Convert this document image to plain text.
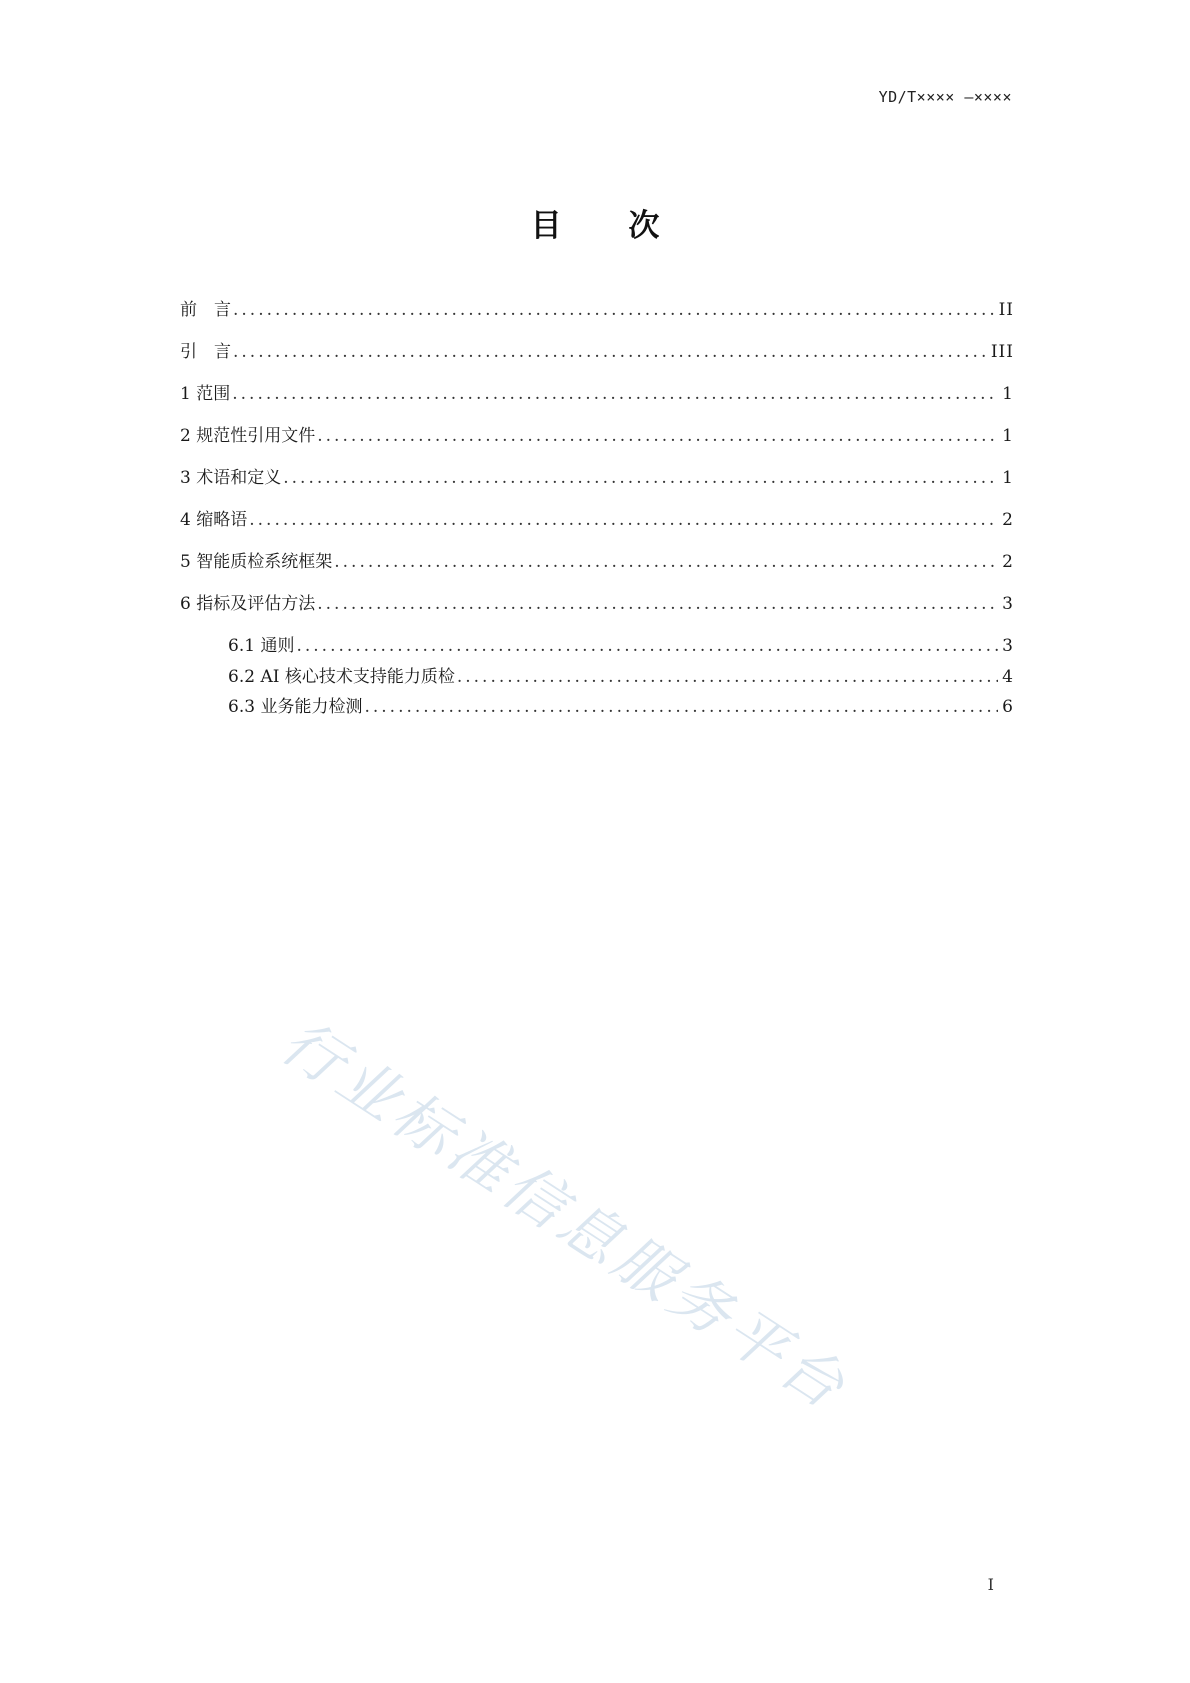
YD/T×××× —××××
目 次
前　言 .....	II
引　言 .....	III
1 范围 .....	1
2 规范性引用文件 .....	1
3 术语和定义 .....	1
4 缩略语 .....	2
5 智能质检系统框架 .....	2
6 指标及评估方法 .....	3
6.1 通则 .....	3
6.2 AI 核心技术支持能力质检 .....	4
6.3 业务能力检测 .....	6
行业标准信息服务平台
I
